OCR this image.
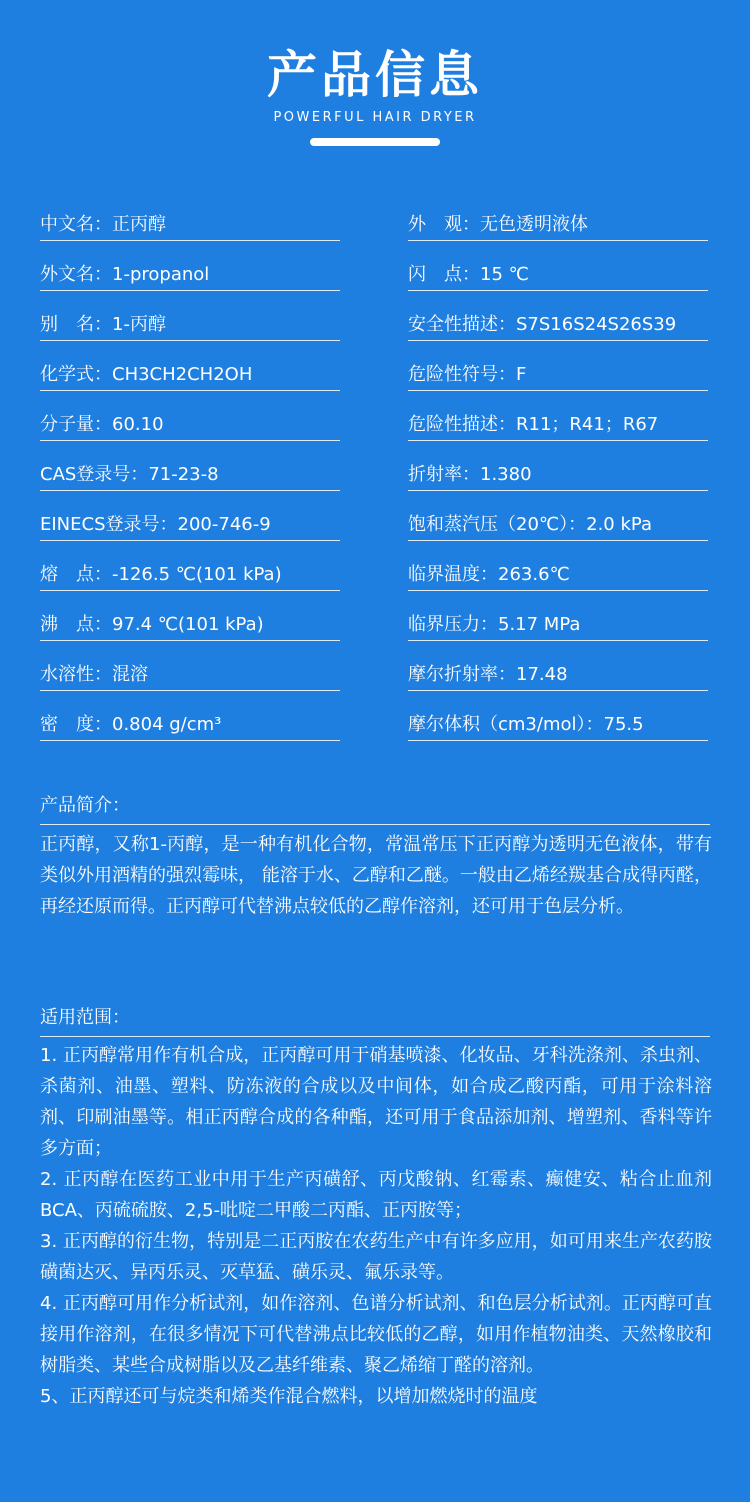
产品信息
POWERFUL HAIR DRYER
中文名：正丙醇
外文名：1-propanol
别　名：1-丙醇
化学式：CH3CH2CH2OH
分子量：60.10
CAS登录号：71-23-8
EINECS登录号：200-746-9
熔　点：-126.5 ℃(101 kPa)
沸　点：97.4 ℃(101 kPa)
水溶性：混溶
密　度：0.804 g/cm³
外　观：无色透明液体
闪　点：15 ℃
安全性描述：S7S16S24S26S39
危险性符号：F
危险性描述：R11；R41；R67
折射率：1.380
饱和蒸汽压（20℃）：2.0 kPa
临界温度：263.6℃
临界压力：5.17 MPa
摩尔折射率：17.48
摩尔体积（cm3/mol）：75.5
产品简介：
正丙醇，又称1-丙醇，是一种有机化合物，常温常压下正丙醇为透明无色液体，带有类似外用酒精的强烈霉味， 能溶于水、乙醇和乙醚。一般由乙烯经羰基合成得丙醛，再经还原而得。正丙醇可代替沸点较低的乙醇作溶剂，还可用于色层分析。
适用范围：
1. 正丙醇常用作有机合成，正丙醇可用于硝基喷漆、化妆品、牙科洗涤剂、杀虫剂、杀菌剂、油墨、塑料、防冻液的合成以及中间体，如合成乙酸丙酯，可用于涂料溶剂、印刷油墨等。相正丙醇合成的各种酯，还可用于食品添加剂、增塑剂、香料等许多方面；
2. 正丙醇在医药工业中用于生产丙磺舒、丙戊酸钠、红霉素、癫健安、粘合止血剂BCA、丙硫硫胺、2,5-吡啶二甲酸二丙酯、正丙胺等；
3. 正丙醇的衍生物，特别是二正丙胺在农药生产中有许多应用，如可用来生产农药胺磺菌达灭、异丙乐灵、灭草猛、磺乐灵、氟乐录等。
4. 正丙醇可用作分析试剂，如作溶剂、色谱分析试剂、和色层分析试剂。正丙醇可直接用作溶剂，在很多情况下可代替沸点比较低的乙醇，如用作植物油类、天然橡胶和树脂类、某些合成树脂以及乙基纤维素、聚乙烯缩丁醛的溶剂。
5、正丙醇还可与烷类和烯类作混合燃料，以增加燃烧时的温度
